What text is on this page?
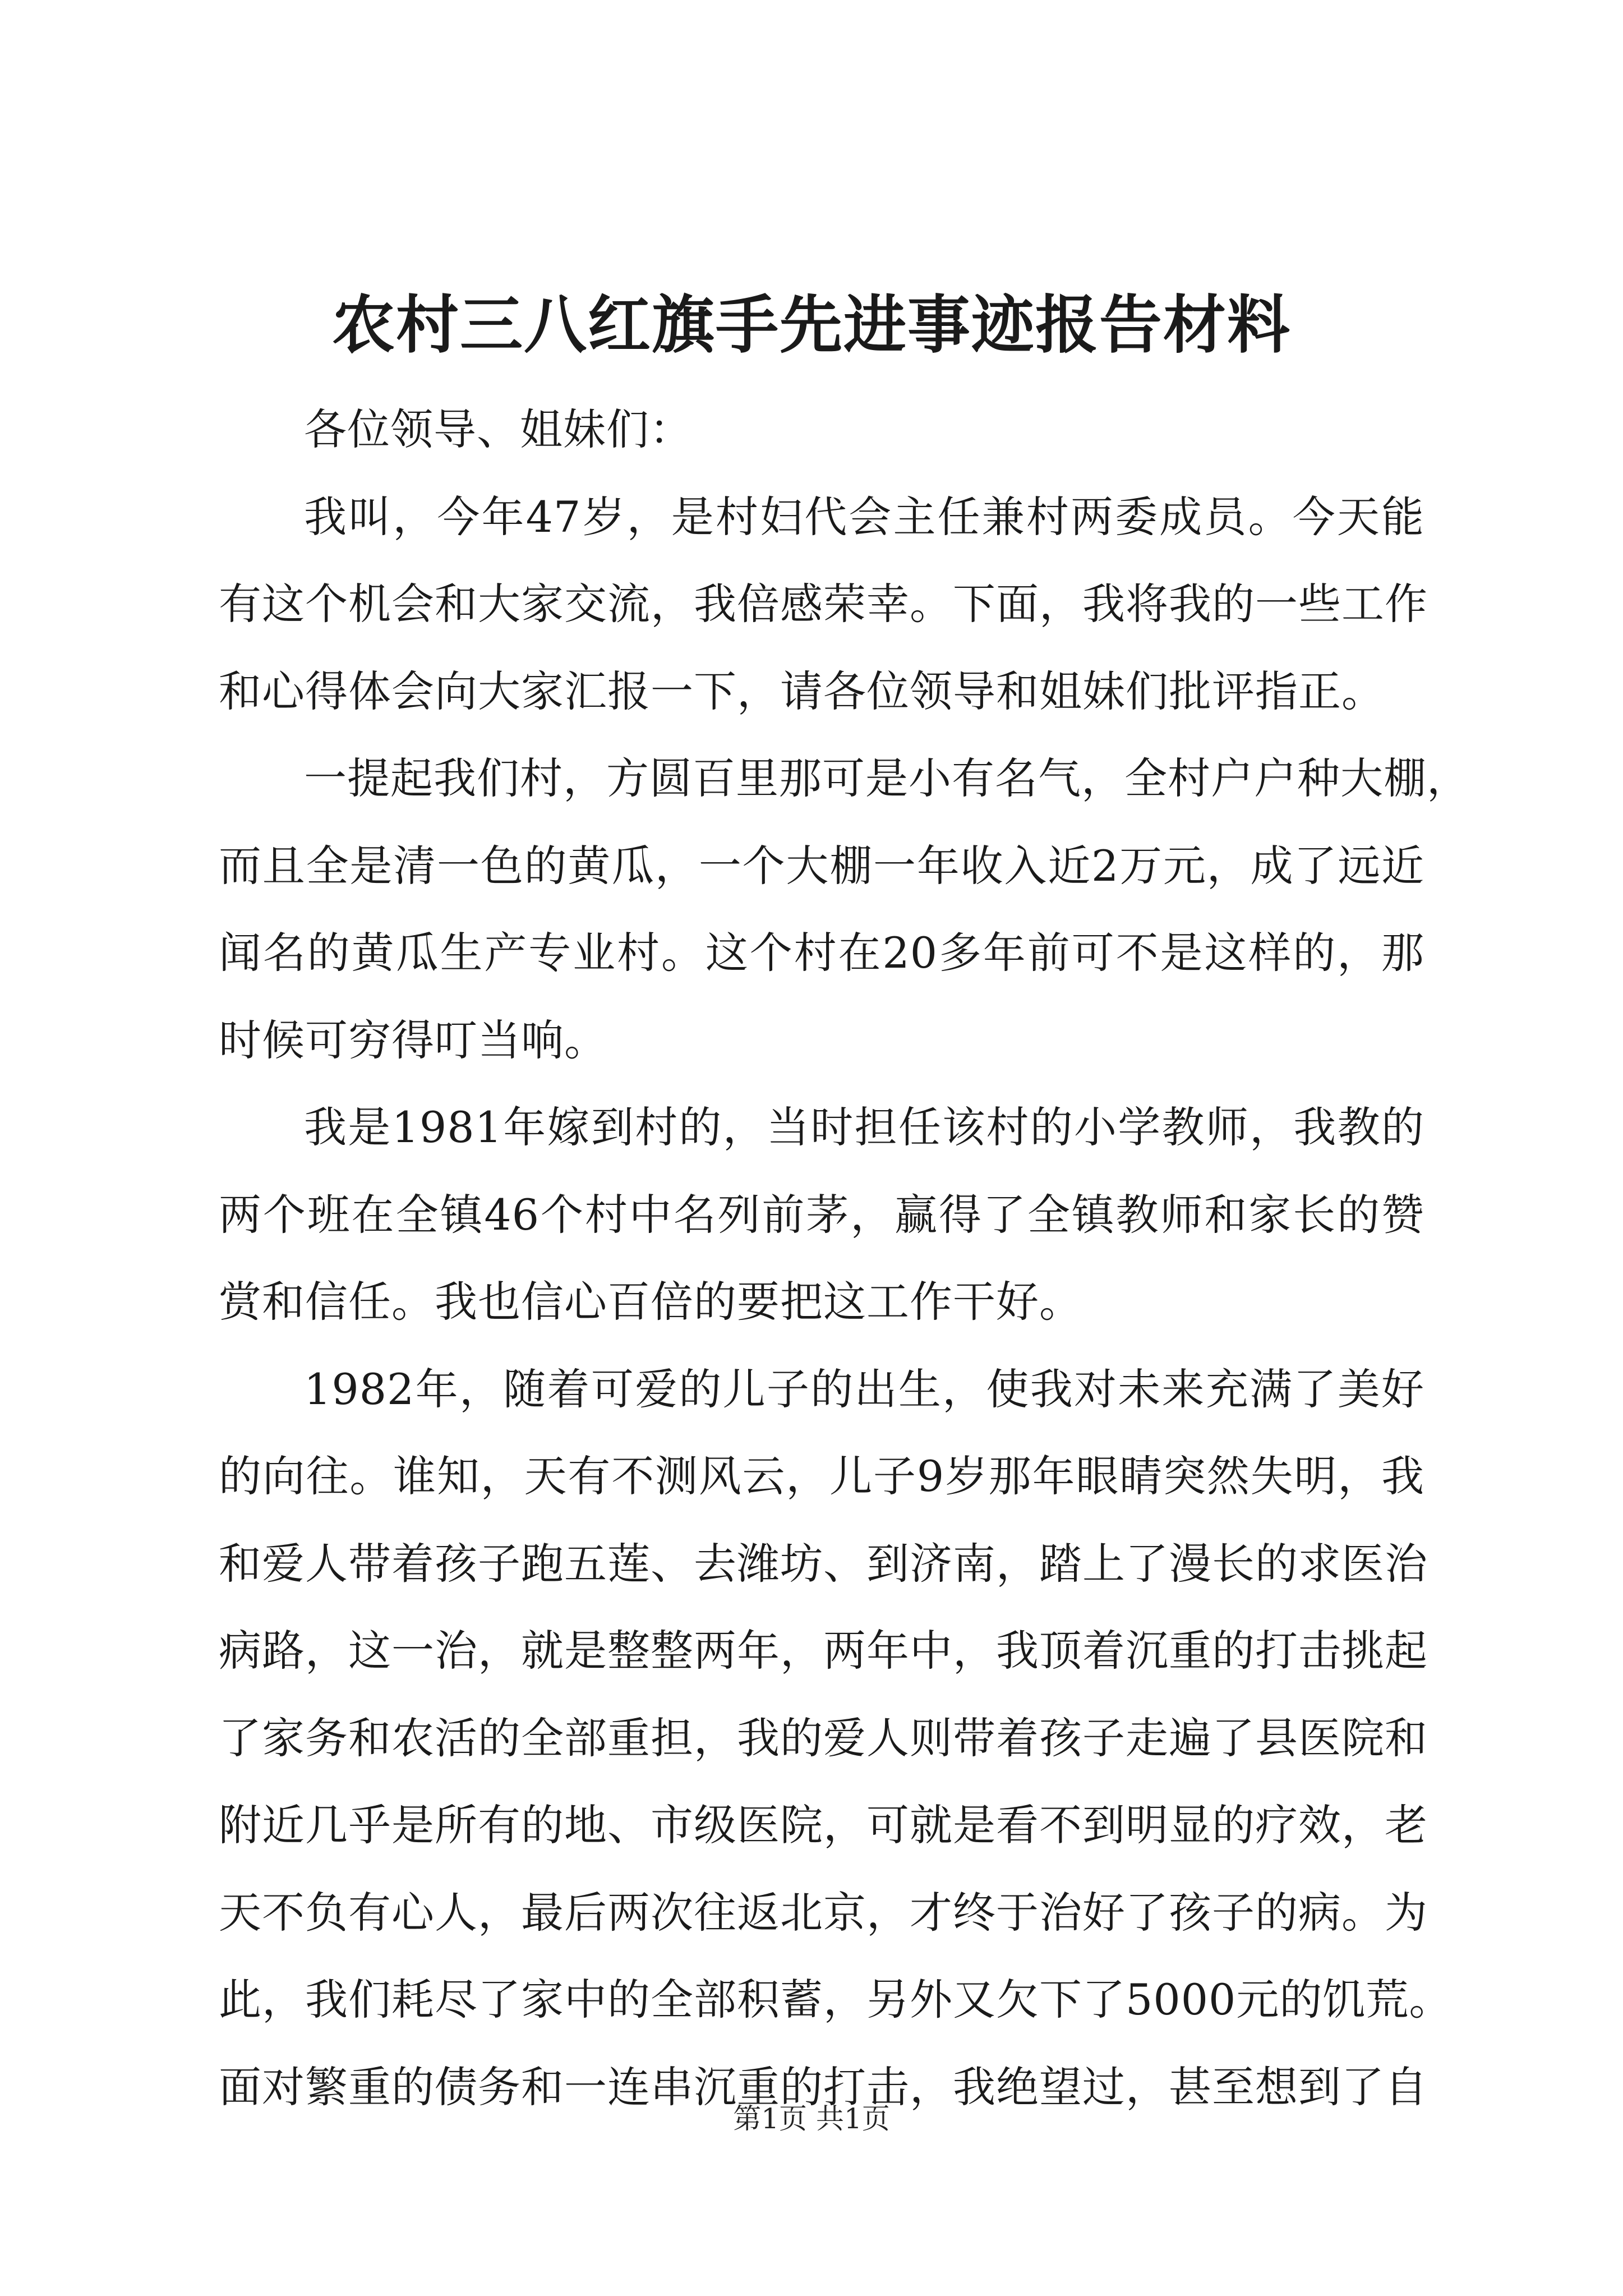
农村三八红旗手先进事迹报告材料
各位领导、姐妹们：
我叫，今年47岁，是村妇代会主任兼村两委成员。今天能
有这个机会和大家交流，我倍感荣幸。下面，我将我的一些工作
和心得体会向大家汇报一下，请各位领导和姐妹们批评指正。
一提起我们村，方圆百里那可是小有名气，全村户户种大棚，
而且全是清一色的黄瓜，一个大棚一年收入近2万元，成了远近
闻名的黄瓜生产专业村。这个村在20多年前可不是这样的，那
时候可穷得叮当响。
我是1981年嫁到村的，当时担任该村的小学教师，我教的
两个班在全镇46个村中名列前茅，赢得了全镇教师和家长的赞
赏和信任。我也信心百倍的要把这工作干好。
1982年，随着可爱的儿子的出生，使我对未来充满了美好
的向往。谁知，天有不测风云，儿子9岁那年眼睛突然失明，我
和爱人带着孩子跑五莲、去潍坊、到济南，踏上了漫长的求医治
病路，这一治，就是整整两年，两年中，我顶着沉重的打击挑起
了家务和农活的全部重担，我的爱人则带着孩子走遍了县医院和
附近几乎是所有的地、市级医院，可就是看不到明显的疗效，老
天不负有心人，最后两次往返北京，才终于治好了孩子的病。为
此，我们耗尽了家中的全部积蓄，另外又欠下了5000元的饥荒。
面对繁重的债务和一连串沉重的打击，我绝望过，甚至想到了自
第1页 共1页
